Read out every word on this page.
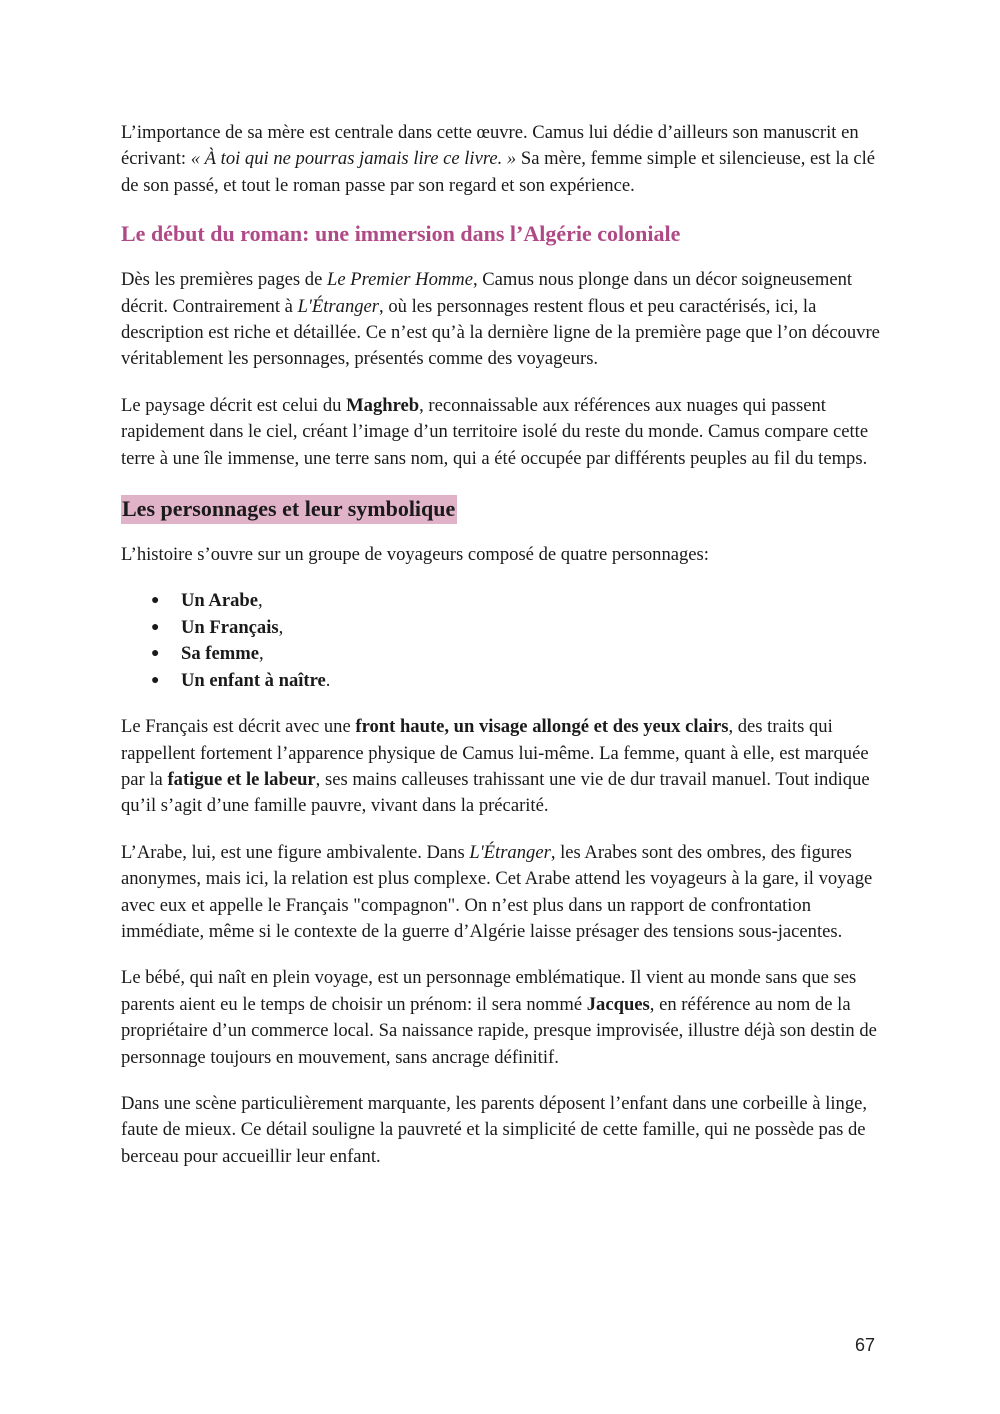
L’importance de sa mère est centrale dans cette œuvre. Camus lui dédie d’ailleurs son manuscrit en écrivant: « À toi qui ne pourras jamais lire ce livre. » Sa mère, femme simple et silencieuse, est la clé de son passé, et tout le roman passe par son regard et son expérience.

Le début du roman: une immersion dans l’Algérie coloniale

Dès les premières pages de Le Premier Homme, Camus nous plonge dans un décor soigneusement décrit. Contrairement à L'Étranger, où les personnages restent flous et peu caractérisés, ici, la description est riche et détaillée. Ce n’est qu’à la dernière ligne de la première page que l’on découvre véritablement les personnages, présentés comme des voyageurs.

Le paysage décrit est celui du Maghreb, reconnaissable aux références aux nuages qui passent rapidement dans le ciel, créant l’image d’un territoire isolé du reste du monde. Camus compare cette terre à une île immense, une terre sans nom, qui a été occupée par différents peuples au fil du temps.

Les personnages et leur symbolique

L’histoire s’ouvre sur un groupe de voyageurs composé de quatre personnages:

● Un Arabe,
● Un Français,
● Sa femme,
● Un enfant à naître.

Le Français est décrit avec une front haute, un visage allongé et des yeux clairs, des traits qui rappellent fortement l’apparence physique de Camus lui-même. La femme, quant à elle, est marquée par la fatigue et le labeur, ses mains calleuses trahissant une vie de dur travail manuel. Tout indique qu’il s’agit d’une famille pauvre, vivant dans la précarité.

L’Arabe, lui, est une figure ambivalente. Dans L'Étranger, les Arabes sont des ombres, des figures anonymes, mais ici, la relation est plus complexe. Cet Arabe attend les voyageurs à la gare, il voyage avec eux et appelle le Français "compagnon". On n’est plus dans un rapport de confrontation immédiate, même si le contexte de la guerre d’Algérie laisse présager des tensions sous-jacentes.

Le bébé, qui naît en plein voyage, est un personnage emblématique. Il vient au monde sans que ses parents aient eu le temps de choisir un prénom: il sera nommé Jacques, en référence au nom de la propriétaire d’un commerce local. Sa naissance rapide, presque improvisée, illustre déjà son destin de personnage toujours en mouvement, sans ancrage définitif.

Dans une scène particulièrement marquante, les parents déposent l’enfant dans une corbeille à linge, faute de mieux. Ce détail souligne la pauvreté et la simplicité de cette famille, qui ne possède pas de berceau pour accueillir leur enfant.

67
